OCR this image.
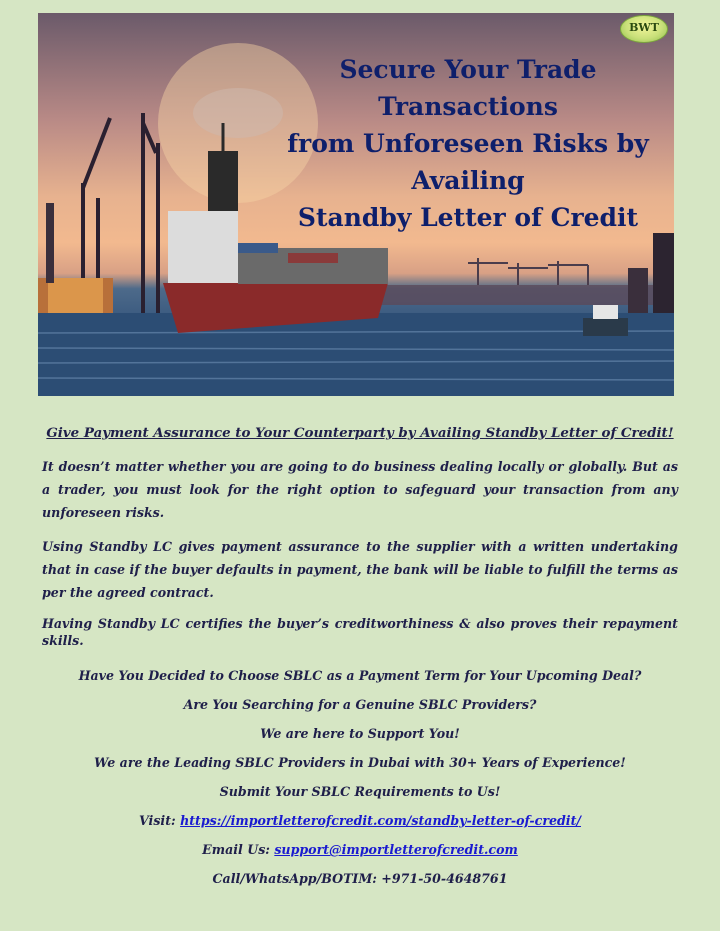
Secure Your Trade Transactions
from Unforeseen Risks by
Availing
Standby Letter of Credit
BWT
Give Payment Assurance to Your Counterparty by Availing Standby Letter of Credit!

It doesn’t matter whether you are going to do business dealing locally or globally. But as a trader, you must look for the right option to safeguard your transaction from any unforeseen risks.

Using Standby LC gives payment assurance to the supplier with a written undertaking that in case if the buyer defaults in payment, the bank will be liable to fulfill the terms as per the agreed contract.

Having Standby LC certifies the buyer’s creditworthiness & also proves their repayment skills.

Have You Decided to Choose SBLC as a Payment Term for Your Upcoming Deal?
Are You Searching for a Genuine SBLC Providers?
We are here to Support You!
We are the Leading SBLC Providers in Dubai with 30+ Years of Experience!
Submit Your SBLC Requirements to Us!
Visit: https://importletterofcredit.com/standby-letter-of-credit/
Email Us: support@importletterofcredit.com
Call/WhatsApp/BOTIM: +971-50-4648761
